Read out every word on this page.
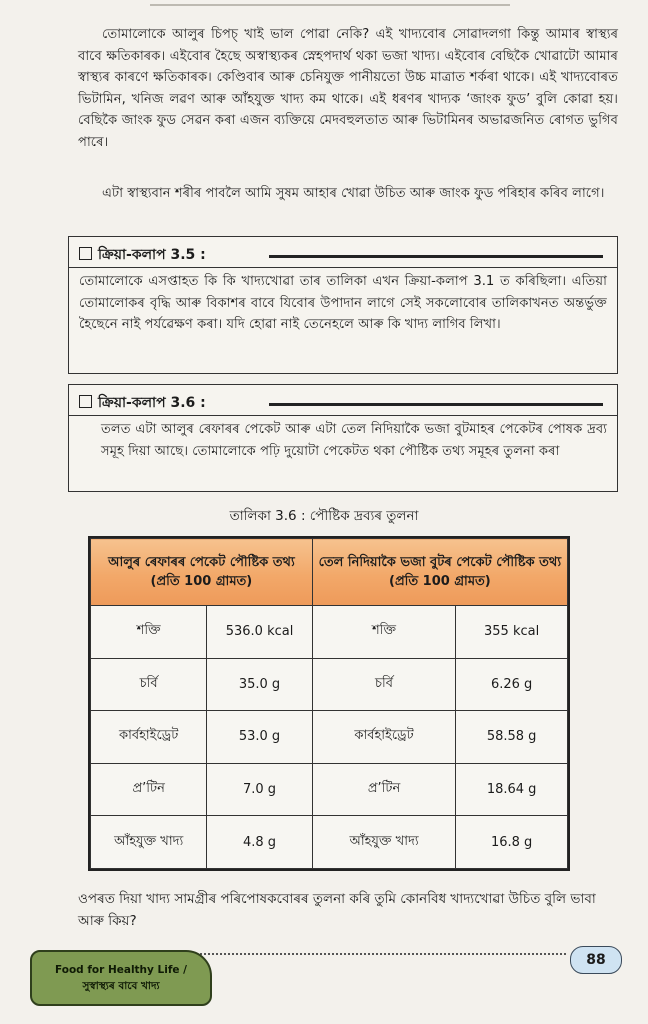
তোমালোকে আলুৰ চিপচ্ খাই ভাল পোৱা নেকি? এই খাদ্যবোৰ সোৱাদলগা কিন্তু আমাৰ স্বাস্থ্যৰ বাবে ক্ষতিকাৰক। এইবোৰ হৈছে অস্বাস্থ্যকৰ স্নেহপদাৰ্থ থকা ভজা খাদ্য। এইবোৰ বেছিকৈ খোৱাটো আমাৰ স্বাস্থ্যৰ কাৰণে ক্ষতিকাৰক। কেণ্ডিবাৰ আৰু চেনিযুক্ত পানীয়তো উচ্চ মাত্ৰাত শৰ্কৰা থাকে। এই খাদ্যবোৰত ভিটামিন, খনিজ লৱণ আৰু আঁহযুক্ত খাদ্য কম থাকে। এই ধৰণৰ খাদ্যক ‘জাংক ফুড’ বুলি কোৱা হয়। বেছিকৈ জাংক ফুড সেৱন কৰা এজন ব্যক্তিয়ে মেদবহুলতাত আৰু ভিটামিনৰ অভাৱজনিত ৰোগত ভুগিব পাৰে।
এটা স্বাস্থ্যবান শৰীৰ পাবলৈ আমি সুষম আহাৰ খোৱা উচিত আৰু জাংক ফুড পৰিহাৰ কৰিব লাগে।
ক্ৰিয়া-কলাপ 3.5 :
তোমালোকে এসপ্তাহত কি কি খাদ্যখোৱা তাৰ তালিকা এখন ক্ৰিয়া-কলাপ 3.1 ত কৰিছিলা। এতিয়া তোমালোকৰ বৃদ্ধি আৰু বিকাশৰ বাবে যিবোৰ উপাদান লাগে সেই সকলোবোৰ তালিকাখনত অন্তৰ্ভুক্ত হৈছেনে নাই পৰ্যৱেক্ষণ কৰা। যদি হোৱা নাই তেনেহলে আৰু কি খাদ্য লাগিব লিখা।
ক্ৰিয়া-কলাপ 3.6 :
তলত এটা আলুৰ ৰেফাৰৰ পেকেট আৰু এটা তেল নিদিয়াকৈ ভজা বুটমাহৰ পেকেটৰ পোষক দ্ৰব্য সমূহ দিয়া আছে। তোমালোকে পঢ়ি দুয়োটা পেকেটত থকা পৌষ্টিক তথ্য সমূহৰ তুলনা কৰা
তালিকা 3.6 : পৌষ্টিক দ্ৰব্যৰ তুলনা
আলুৰ ৰেফাৰৰ পেকেট পৌষ্টিক তথ্য (প্ৰতি 100 গ্ৰামত)		তেল নিদিয়াকৈ ভজা বুটৰ পেকেট পৌষ্টিক তথ্য (প্ৰতি 100 গ্ৰামত)	
শক্তি	536.0 kcal	শক্তি	355 kcal
চৰ্বি	35.0 g	চৰ্বি	6.26 g
কাৰ্বহাইড্ৰেট	53.0 g	কাৰ্বহাইড্ৰেট	58.58 g
প্ৰ’টিন	7.0 g	প্ৰ’টিন	18.64 g
আঁহযুক্ত খাদ্য	4.8 g	আঁহযুক্ত খাদ্য	16.8 g
ওপৰত দিয়া খাদ্য সামগ্ৰীৰ পৰিপোষকবোৰৰ তুলনা কৰি তুমি কোনবিধ খাদ্যখোৱা উচিত বুলি ভাবা আৰু কিয়?
Food for Healthy Life /
সুস্বাস্থ্যৰ বাবে খাদ্য
88
